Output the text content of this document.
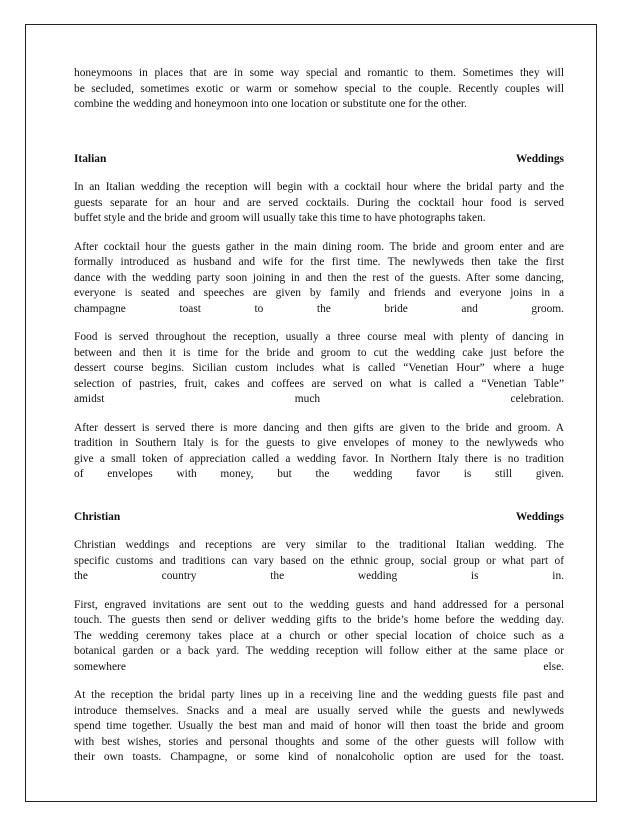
honeymoons in places that are in some way special and romantic to them. Sometimes they will
be secluded, sometimes exotic or warm or somehow special to the couple. Recently couples will
combine the wedding and honeymoon into one location or substitute one for the other.

Italian	Weddings

In an Italian wedding the reception will begin with a cocktail hour where the bridal party and the
guests separate for an hour and are served cocktails. During the cocktail hour food is served
buffet style and the bride and groom will usually take this time to have photographs taken.

After cocktail hour the guests gather in the main dining room. The bride and groom enter and are
formally introduced as husband and wife for the first time. The newlyweds then take the first
dance with the wedding party soon joining in and then the rest of the guests. After some dancing,
everyone is seated and speeches are given by family and friends and everyone joins in a
champagne toast to the bride and groom.

Food is served throughout the reception, usually a three course meal with plenty of dancing in
between and then it is time for the bride and groom to cut the wedding cake just before the
dessert course begins. Sicilian custom includes what is called “Venetian Hour” where a huge
selection of pastries, fruit, cakes and coffees are served on what is called a “Venetian Table”
amidst much celebration.

After dessert is served there is more dancing and then gifts are given to the bride and groom. A
tradition in Southern Italy is for the guests to give envelopes of money to the newlyweds who
give a small token of appreciation called a wedding favor. In Northern Italy there is no tradition
of envelopes with money, but the wedding favor is still given.

Christian	Weddings

Christian weddings and receptions are very similar to the traditional Italian wedding. The
specific customs and traditions can vary based on the ethnic group, social group or what part of
the country the wedding is in.

First, engraved invitations are sent out to the wedding guests and hand addressed for a personal
touch. The guests then send or deliver wedding gifts to the bride’s home before the wedding day.
The wedding ceremony takes place at a church or other special location of choice such as a
botanical garden or a back yard. The wedding reception will follow either at the same place or
somewhere else.

At the reception the bridal party lines up in a receiving line and the wedding guests file past and
introduce themselves. Snacks and a meal are usually served while the guests and newlyweds
spend time together. Usually the best man and maid of honor will then toast the bride and groom
with best wishes, stories and personal thoughts and some of the other guests will follow with
their own toasts. Champagne, or some kind of nonalcoholic option are used for the toast.
